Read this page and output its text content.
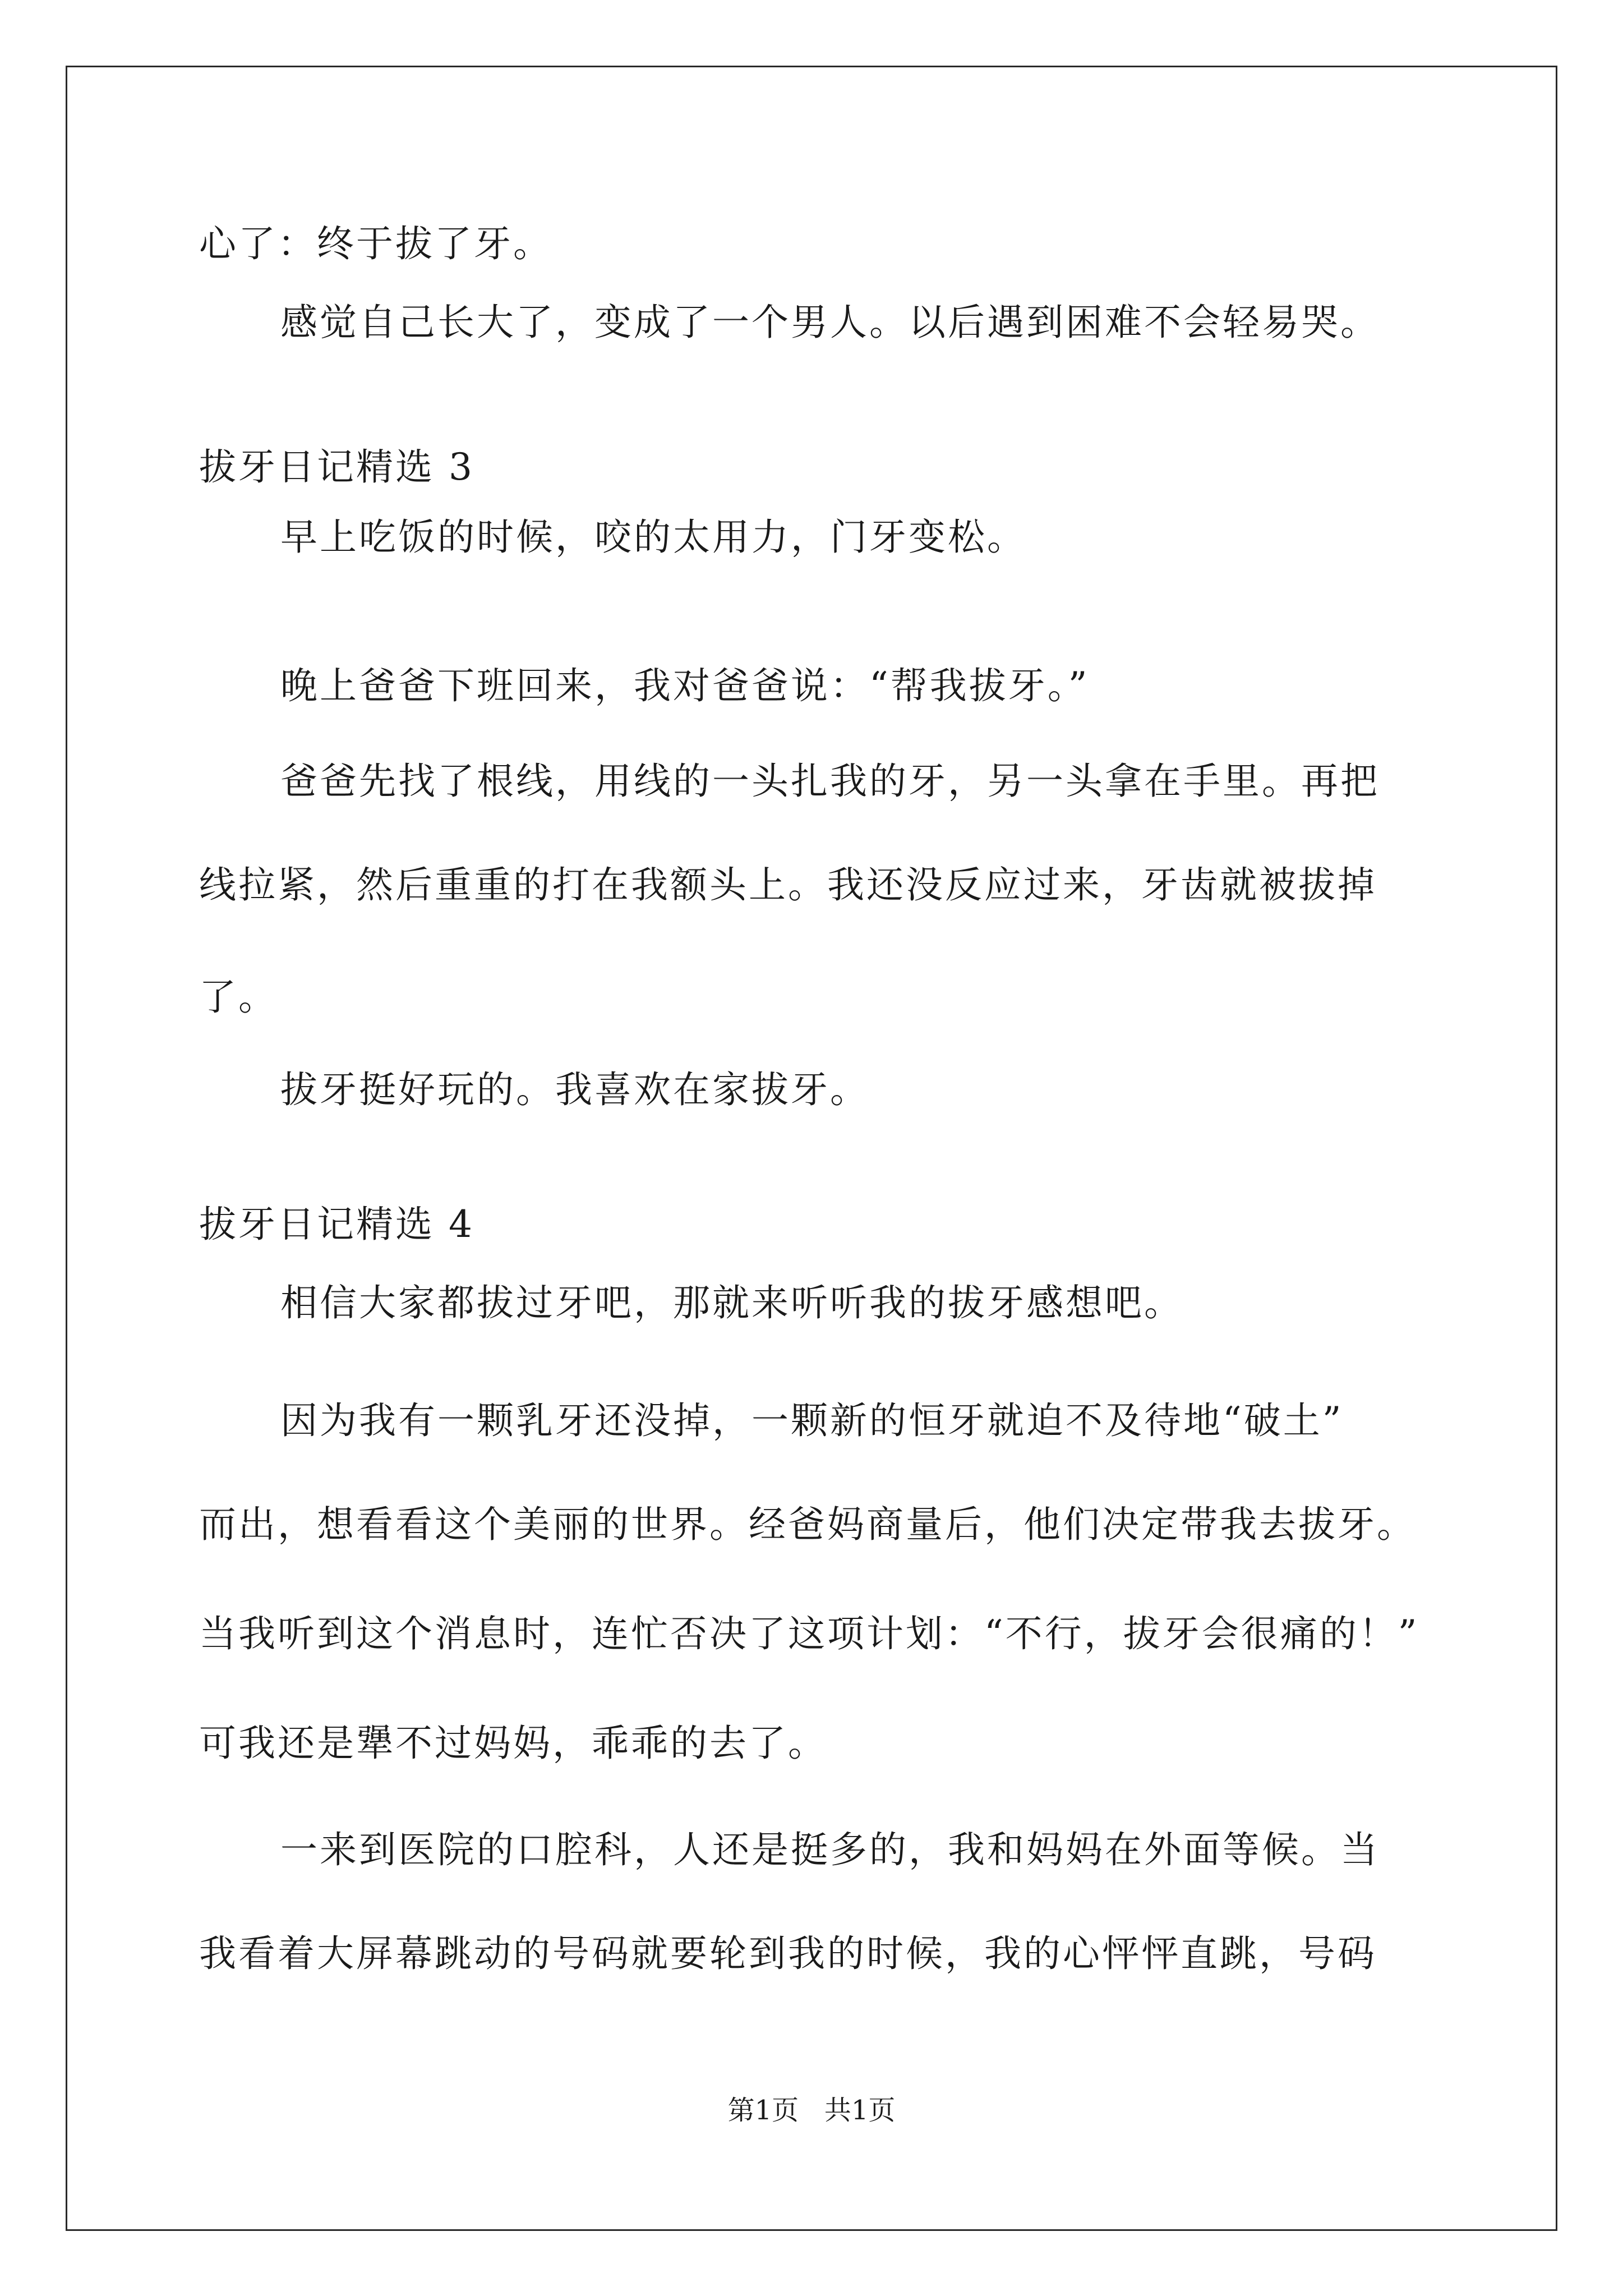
心了：终于拔了牙。
感觉自己长大了，变成了一个男人。以后遇到困难不会轻易哭。
拔牙日记精选 3
早上吃饭的时候，咬的太用力，门牙变松。
晚上爸爸下班回来，我对爸爸说：“帮我拔牙。”
爸爸先找了根线，用线的一头扎我的牙，另一头拿在手里。再把
线拉紧，然后重重的打在我额头上。我还没反应过来，牙齿就被拔掉
了。
拔牙挺好玩的。我喜欢在家拔牙。
拔牙日记精选 4
相信大家都拔过牙吧，那就来听听我的拔牙感想吧。
因为我有一颗乳牙还没掉，一颗新的恒牙就迫不及待地“破土”
而出，想看看这个美丽的世界。经爸妈商量后，他们决定带我去拔牙。
当我听到这个消息时，连忙否决了这项计划：“不行，拔牙会很痛的！”
可我还是犟不过妈妈，乖乖的去了。
一来到医院的口腔科，人还是挺多的，我和妈妈在外面等候。当
我看着大屏幕跳动的号码就要轮到我的时候，我的心怦怦直跳，号码
第1页   共1页
